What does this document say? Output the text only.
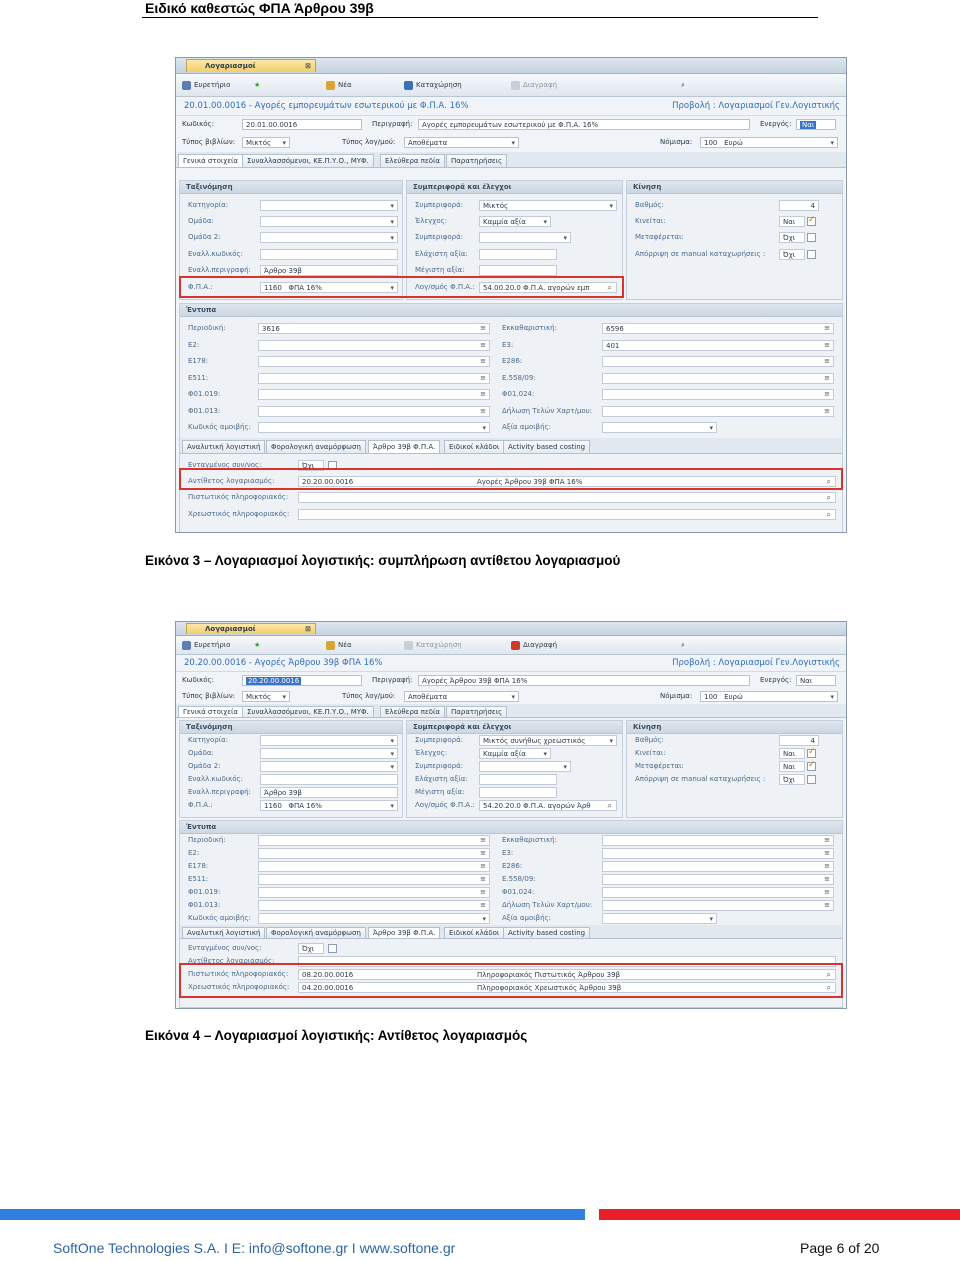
Ειδικό καθεστώς ΦΠΑ Άρθρου 39β
Λογαριασμοί	⊠
Ευρετήριο	★	Νέα	Καταχώρηση	Διαγραφή	⌕
20.01.00.0016 - Αγορές εμπορευμάτων εσωτερικού με Φ.Π.Α. 16%	Προβολή : Λογαριασμοί Γεν.Λογιστικής
Κωδικός:	20.01.00.0016	Περιγραφή:	Αγορές εμπορευμάτων εσωτερικού με Φ.Π.Α. 16%	Ενεργός:	Ναι
Τύπος βιβλίων:	Μικτός ▾	Τύπος λογ/μού:	Αποθέματα ▾	Νόμισμα:	100 Ευρώ ▾
Γενικά στοιχεία	Συναλλασσόμενοι, ΚΕ.Π.Υ.Ο., ΜΥΦ.	Ελεύθερα πεδία	Παρατηρήσεις
Ταξινόμηση
Κατηγορία:
▾
Ομάδα:
▾
Ομάδα 2:
▾
Εναλλ.κωδικός:
Εναλλ.περιγραφή:	Άρθρο 39β
Φ.Π.Α.:	1160 ΦΠΑ 16% ▾
Συμπεριφορά και έλεγχοι
Συμπεριφορά:	Μικτός ▾
Έλεγχος:	Καμμία αξία ▾
Συμπεριφορά:
▾
Ελάχιστη αξία:
Μέγιστη αξία:
Λογ/σμός Φ.Π.Α.:	54.00.20.0 Φ.Π.Α. αγορών εμπ ⌕
Κίνηση
Βαθμός:	4
Κινείται:	Ναι
✓
Μεταφέρεται:	Όχι
Απόρριψη σε manual καταχωρήσεις :	Όχι
Έντυπα
Περιοδική:	3616 ≡	Εκκαθαριστική:	6596 ≡
Ε2: ≡	Ε3:	401 ≡
Ε178: ≡	Ε286:
≡
Ε511: ≡	Ε.558/09:
≡
Φ01.019: ≡	Φ01.024:
≡
Φ01.013: ≡	Δήλωση Τελών Χαρτ/μου:
≡
Κωδικός αμοιβής: ▾	Αξία αμοιβής:
▾
Αναλυτική λογιστική	Φορολογική αναμόρφωση	Άρθρο 39β Φ.Π.Α.	Ειδικοί κλάδοι	Activity based costing
Ενταγμένος συν/νος:	Όχι
Αντίθετος λογαριασμός:	20.20.00.0016	Αγορές Άρθρου 39β ΦΠΑ 16%	⌕
Πιστωτικός πληροφοριακός:	⌕
Χρεωστικός πληροφοριακός:	⌕
Εικόνα 3 – Λογαριασμοί λογιστικής: συμπλήρωση αντίθετου λογαριασμού
Λογαριασμοί	⊠
Ευρετήριο	★	Νέα	Καταχώρηση	Διαγραφή	⌕
20.20.00.0016 - Αγορές Άρθρου 39β ΦΠΑ 16%	Προβολή : Λογαριασμοί Γεν.Λογιστικής
Κωδικός:	20.20.00.0016	Περιγραφή:	Αγορές Άρθρου 39β ΦΠΑ 16%	Ενεργός:	Ναι
Τύπος βιβλίων:	Μικτός ▾	Τύπος λογ/μού:	Αποθέματα ▾	Νόμισμα:	100 Ευρώ ▾
Γενικά στοιχεία	Συναλλασσόμενοι, ΚΕ.Π.Υ.Ο., ΜΥΦ.	Ελεύθερα πεδία	Παρατηρήσεις
Ταξινόμηση
Κατηγορία:
▾
Ομάδα:
▾
Ομάδα 2:
▾
Εναλλ.κωδικός:
Εναλλ.περιγραφή:	Άρθρο 39β
Φ.Π.Α.:	1160 ΦΠΑ 16% ▾
Συμπεριφορά και έλεγχοι
Συμπεριφορά:	Μικτός συνήθως χρεωστικός ▾
Έλεγχος:	Καμμία αξία ▾
Συμπεριφορά:
▾
Ελάχιστη αξία:
Μέγιστη αξία:
Λογ/σμός Φ.Π.Α.:	54.20.20.0 Φ.Π.Α. αγορών Άρθ ⌕
Κίνηση
Βαθμός:	4
Κινείται:	Ναι
✓
Μεταφέρεται:	Ναι
✓
Απόρριψη σε manual καταχωρήσεις :	Όχι
Έντυπα
Περιοδική: ≡	Εκκαθαριστική:
≡
Ε2: ≡	Ε3:
≡
Ε178: ≡	Ε286:
≡
Ε511: ≡	Ε.558/09:
≡
Φ01.019: ≡	Φ01.024:
≡
Φ01.013: ≡	Δήλωση Τελών Χαρτ/μου:
≡
Κωδικός αμοιβής: ▾	Αξία αμοιβής:
▾
Αναλυτική λογιστική	Φορολογική αναμόρφωση	Άρθρο 39β Φ.Π.Α.	Ειδικοί κλάδοι	Activity based costing
Ενταγμένος συν/νος:	Όχι
Αντίθετος λογαριασμός:
Πιστωτικός πληροφοριακός:	08.20.00.0016	Πληροφοριακός Πιστωτικός Άρθρου 39β	⌕
Χρεωστικός πληροφοριακός:	04.20.00.0016	Πληροφοριακός Χρεωστικός Άρθρου 39β	⌕
Εικόνα 4 – Λογαριασμοί λογιστικής: Αντίθετος λογαριασμός
SoftOne Technologies S.A. I E: info@softone.gr I www.softone.gr	Page 6 of 20
